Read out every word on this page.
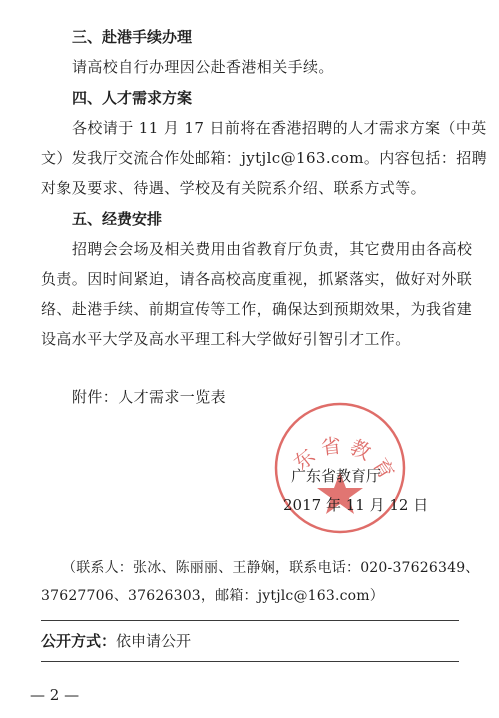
三、赴港手续办理
请高校自行办理因公赴香港相关手续。
四、人才需求方案
各校请于 11 月 17 日前将在香港招聘的人才需求方案（中英
文）发我厅交流合作处邮箱：jytjlc@163.com。内容包括：招聘
对象及要求、待遇、学校及有关院系介绍、联系方式等。
五、经费安排
招聘会会场及相关费用由省教育厅负责，其它费用由各高校
负责。因时间紧迫，请各高校高度重视，抓紧落实，做好对外联
络、赴港手续、前期宣传等工作，确保达到预期效果，为我省建
设高水平大学及高水平理工科大学做好引智引才工作。
附件：人才需求一览表
东省教育
广东省教育厅
2017 年 11 月 12 日
（联系人：张冰、陈丽丽、王静娴，联系电话：020-37626349、
37627706、37626303，邮箱：jytjlc@163.com）
公开方式：依申请公开
— 2 —
